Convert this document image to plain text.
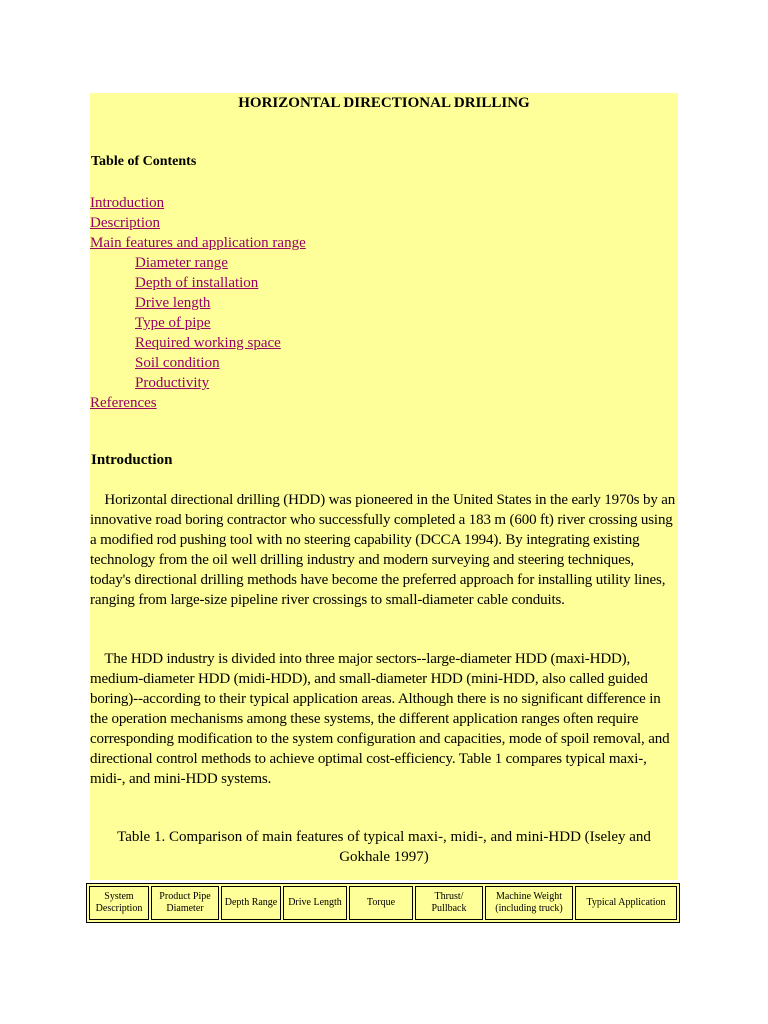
HORIZONTAL DIRECTIONAL DRILLING
Table of Contents
Introduction
Description
Main features and application range
Diameter range
Depth of installation
Drive length
Type of pipe
Required working space
Soil condition
Productivity
References
Introduction
Horizontal directional drilling (HDD) was pioneered in the United States in the early 1970s by an innovative road boring contractor who successfully completed a 183 m (600 ft) river crossing using a modified rod pushing tool with no steering capability (DCCA 1994). By integrating existing technology from the oil well drilling industry and modern surveying and steering techniques, today's directional drilling methods have become the preferred approach for installing utility lines, ranging from large-size pipeline river crossings to small-diameter cable conduits.
The HDD industry is divided into three major sectors--large-diameter HDD (maxi-HDD), medium-diameter HDD (midi-HDD), and small-diameter HDD (mini-HDD, also called guided boring)--according to their typical application areas. Although there is no significant difference in the operation mechanisms among these systems, the different application ranges often require corresponding modification to the system configuration and capacities, mode of spoil removal, and directional control methods to achieve optimal cost-efficiency. Table 1 compares typical maxi-, midi-, and mini-HDD systems.
Table 1. Comparison of main features of typical maxi-, midi-, and mini-HDD (Iseley and Gokhale 1997)
System Description	Product Pipe Diameter	Depth Range	Drive Length	Torque	Thrust/ Pullback	Machine Weight (including truck)	Typical Application
